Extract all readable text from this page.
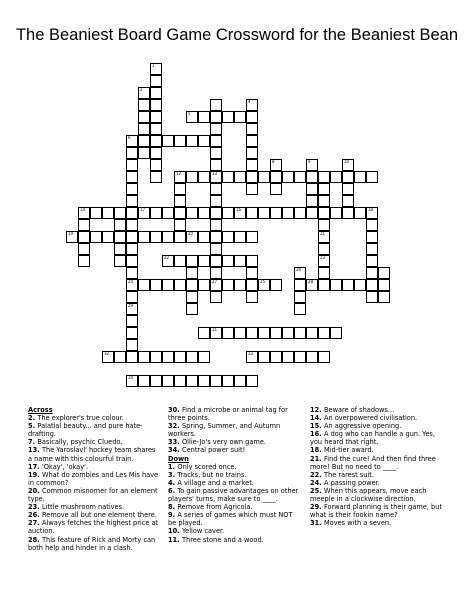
The Beaniest Board Game Crossword for the Beaniest Bean
1
2
13
27
4
6
24
8	9	10
12
14	18
23
29
26
21
5
17	16
19	20
22
25	28
31
32	33
34
Across
2. The explorer's true colour.
5. Palatial beauty... and pure hate-drafting.
7. Basically, psychic Cluedo.
13. The Yaroslavl' hockey team shares a name with this colourful train.
17. 'Okay', 'okay'.
19. What do zombies and Les Mis have in common?
20. Common misnomer for an element type.
23. Little mushroom natives.
26. Remove all but one element there.
27. Always fetches the highest price at auction.
28. This feature of Rick and Morty can both help and hinder in a clash.
30. Find a microbe or animal tag for three points.
32. Spring, Summer, and Autumn workers.
33. Ollie-Jo's very own game.
34. Central power suit!
Down
1. Only scored once.
3. Tracks, but no trains.
4. A village and a market.
6. To gain passive advantages on other players' turns, make sure to ____.
8. Remove from Agricola.
9. A series of games which must NOT be played.
10. Yellow caver.
11. Three stone and a wood.
12. Beware of shadows...
14. An overpowered civilisation.
15. An aggressive opening.
16. A dog who can handle a gun. Yes, you heard that right.
18. Mid-tier award.
21. Find the cure! And then find three more! But no need to ____.
22. The rarest suit.
24. A passing power.
25. When this appears, move each meeple in a clockwise direction.
29. Forward planning is their game, but what is their fookin name?
31. Moves with a seven.
